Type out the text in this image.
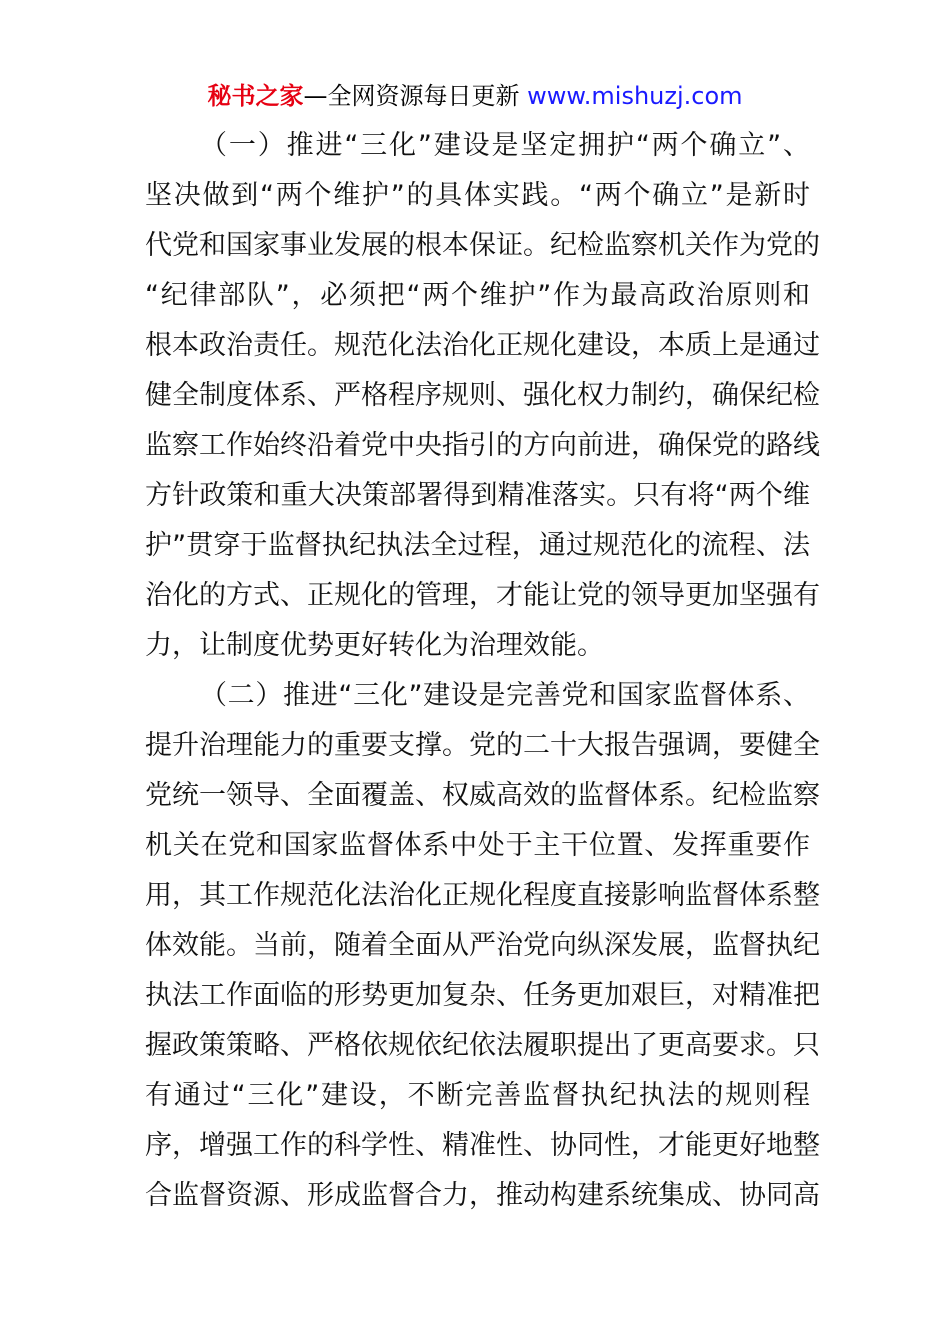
秘书之家—全网资源每日更新 www.mishuzj.com
（一）推进“三化”建设是坚定拥护“两个确立”、
坚决做到“两个维护”的具体实践。“两个确立”是新时
代党和国家事业发展的根本保证。纪检监察机关作为党的
“纪律部队”，必须把“两个维护”作为最高政治原则和
根本政治责任。规范化法治化正规化建设，本质上是通过
健全制度体系、严格程序规则、强化权力制约，确保纪检
监察工作始终沿着党中央指引的方向前进，确保党的路线
方针政策和重大决策部署得到精准落实。只有将“两个维
护”贯穿于监督执纪执法全过程，通过规范化的流程、法
治化的方式、正规化的管理，才能让党的领导更加坚强有
力，让制度优势更好转化为治理效能。
（二）推进“三化”建设是完善党和国家监督体系、
提升治理能力的重要支撑。党的二十大报告强调，要健全
党统一领导、全面覆盖、权威高效的监督体系。纪检监察
机关在党和国家监督体系中处于主干位置、发挥重要作
用，其工作规范化法治化正规化程度直接影响监督体系整
体效能。当前，随着全面从严治党向纵深发展，监督执纪
执法工作面临的形势更加复杂、任务更加艰巨，对精准把
握政策策略、严格依规依纪依法履职提出了更高要求。只
有通过“三化”建设，不断完善监督执纪执法的规则程
序，增强工作的科学性、精准性、协同性，才能更好地整
合监督资源、形成监督合力，推动构建系统集成、协同高
